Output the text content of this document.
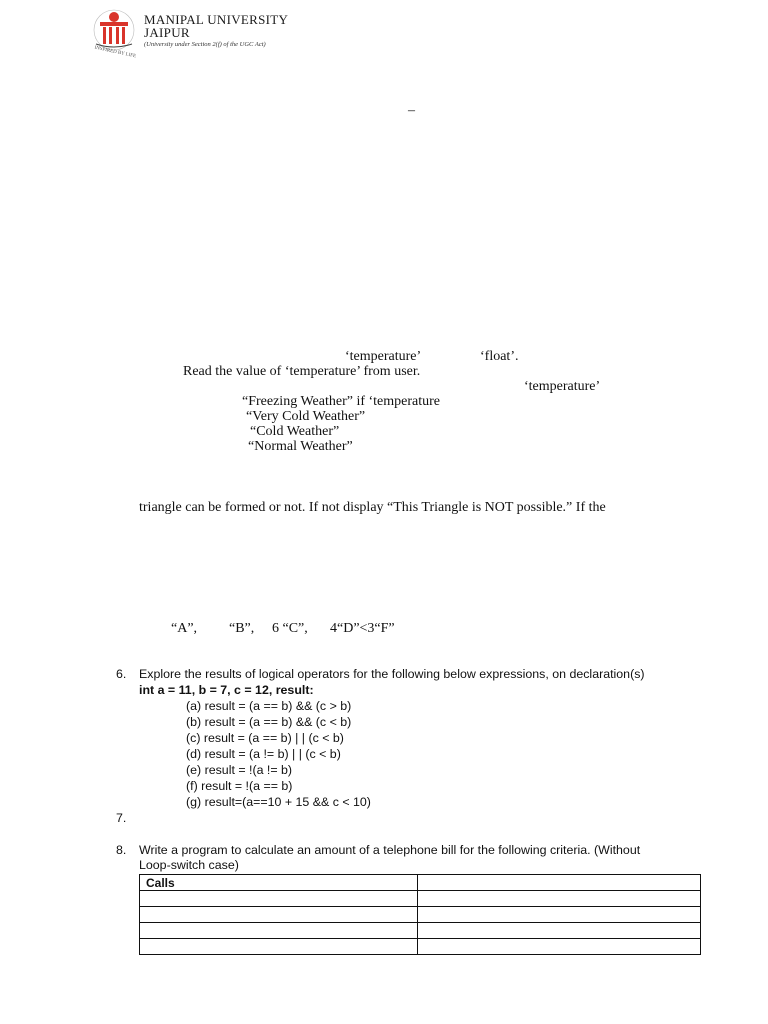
MANIPAL UNIVERSITY
JAIPUR
(University under Section 2(f) of the UGC Act)
INSPIRED BY LIFE
–
‘temperature’	‘float’.
Read the value of ‘temperature’ from user.
‘temperature’
“Freezing Weather” if ‘temperature
“Very Cold Weather”
“Cold Weather”
“Normal Weather”
triangle can be formed or not. If not display “This Triangle is NOT possible.” If the
“A”, “B”, 6 “C”, 4“D”<3“F”
6. Explore the results of logical operators for the following below expressions, on declaration(s)
int a = 11, b = 7, c = 12, result:
(a) result = (a == b) && (c > b)
(b) result = (a == b) && (c < b)
(c) result = (a == b) | | (c < b)
(d) result = (a != b) | | (c < b)
(e) result = !(a != b)
(f) result = !(a == b)
(g) result=(a==10 + 15 && c < 10)
7.
8. Write a program to calculate an amount of a telephone bill for the following criteria. (Without
Loop-switch case)
Calls	
